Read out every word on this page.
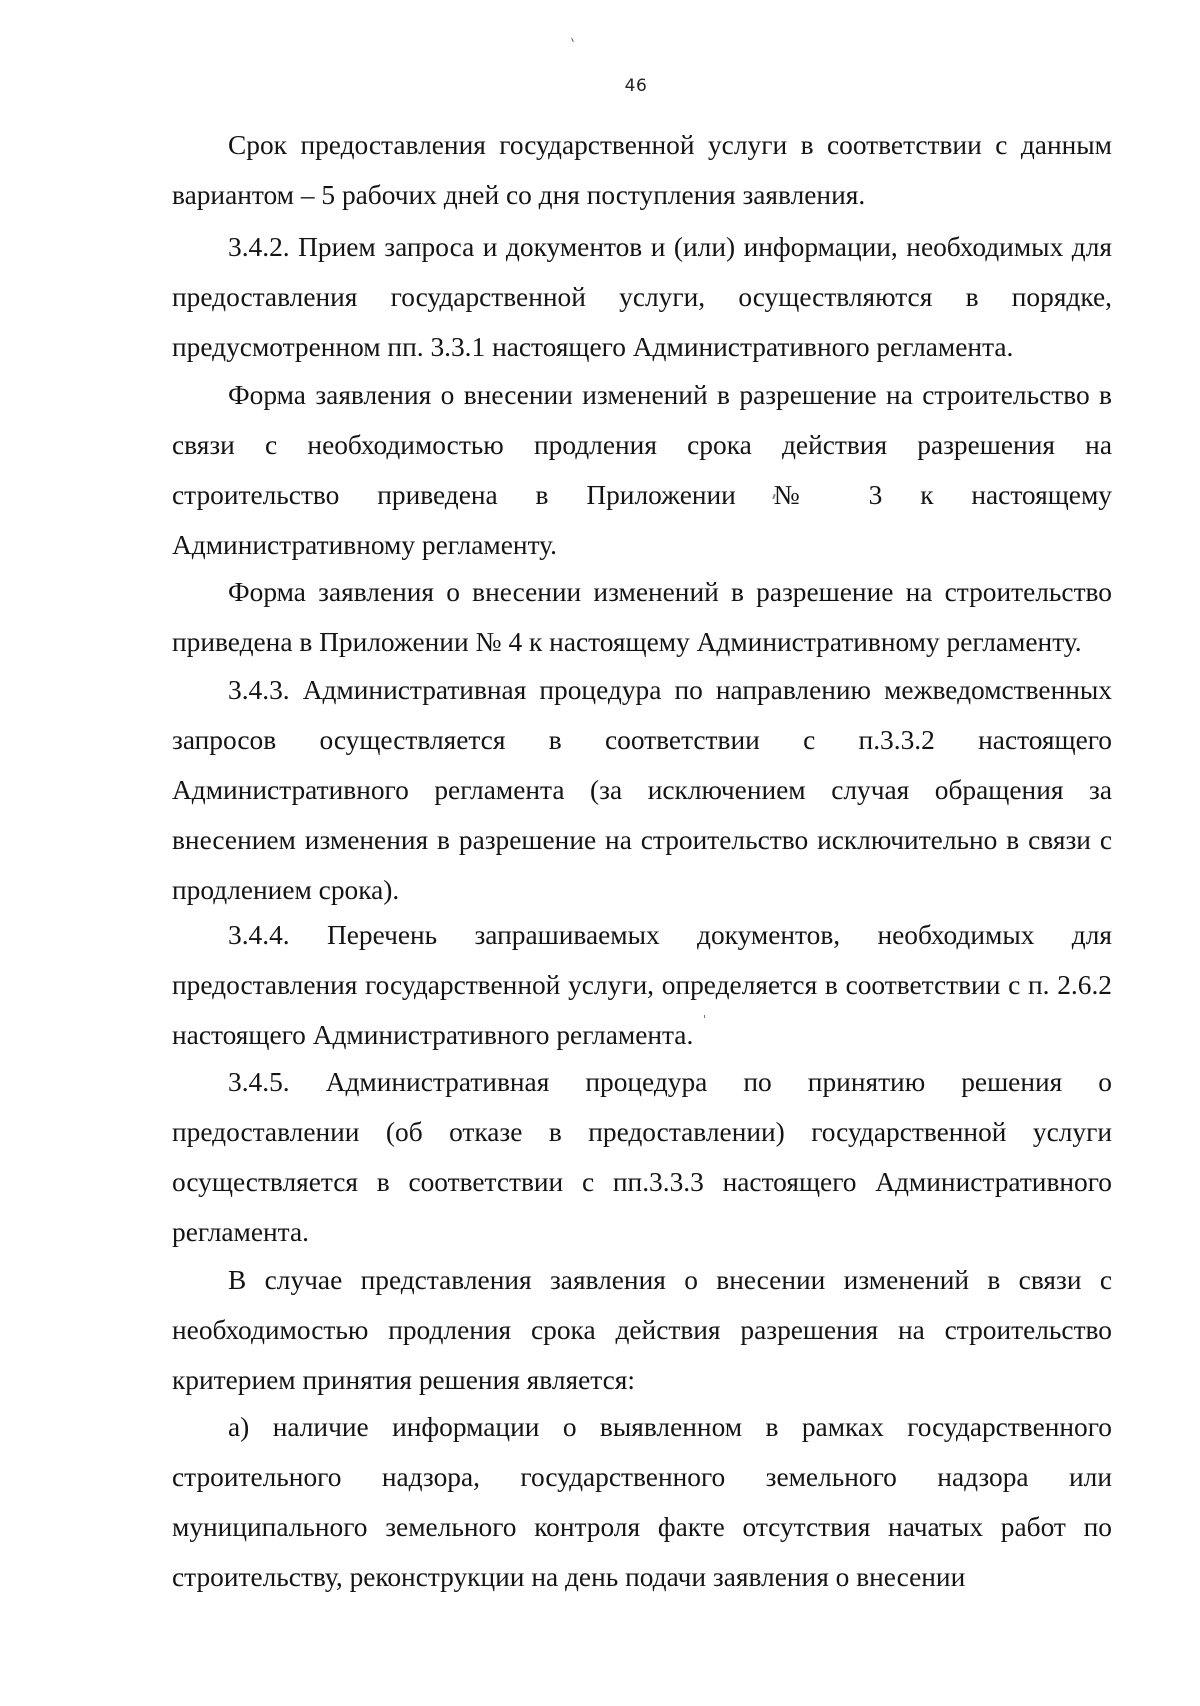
46

Срок предоставления государственной услуги в соответствии с данным вариантом – 5 рабочих дней со дня поступления заявления.

3.4.2. Прием запроса и документов и (или) информации, необходимых для предоставления государственной услуги, осуществляются в порядке, предусмотренном пп. 3.3.1 настоящего Административного регламента.

Форма заявления о внесении изменений в разрешение на строительство в связи с необходимостью продления срока действия разрешения на строительство приведена в Приложении № 3 к настоящему Административному регламенту.

Форма заявления о внесении изменений в разрешение на строительство приведена в Приложении № 4 к настоящему Административному регламенту.

3.4.3. Административная процедура по направлению межведомственных запросов осуществляется в соответствии с п.3.3.2 настоящего Административного регламента (за исключением случая обращения за внесением изменения в разрешение на строительство исключительно в связи с продлением срока).

3.4.4. Перечень запрашиваемых документов, необходимых для предоставления государственной услуги, определяется в соответствии с п. 2.6.2 настоящего Административного регламента.

3.4.5. Административная процедура по принятию решения о предоставлении (об отказе в предоставлении) государственной услуги осуществляется в соответствии с пп.3.3.3 настоящего Административного регламента.

В случае представления заявления о внесении изменений в связи с необходимостью продления срока действия разрешения на строительство критерием принятия решения является:

а) наличие информации о выявленном в рамках государственного строительного надзора, государственного земельного надзора или муниципального земельного контроля факте отсутствия начатых работ по строительству, реконструкции на день подачи заявления о внесении
